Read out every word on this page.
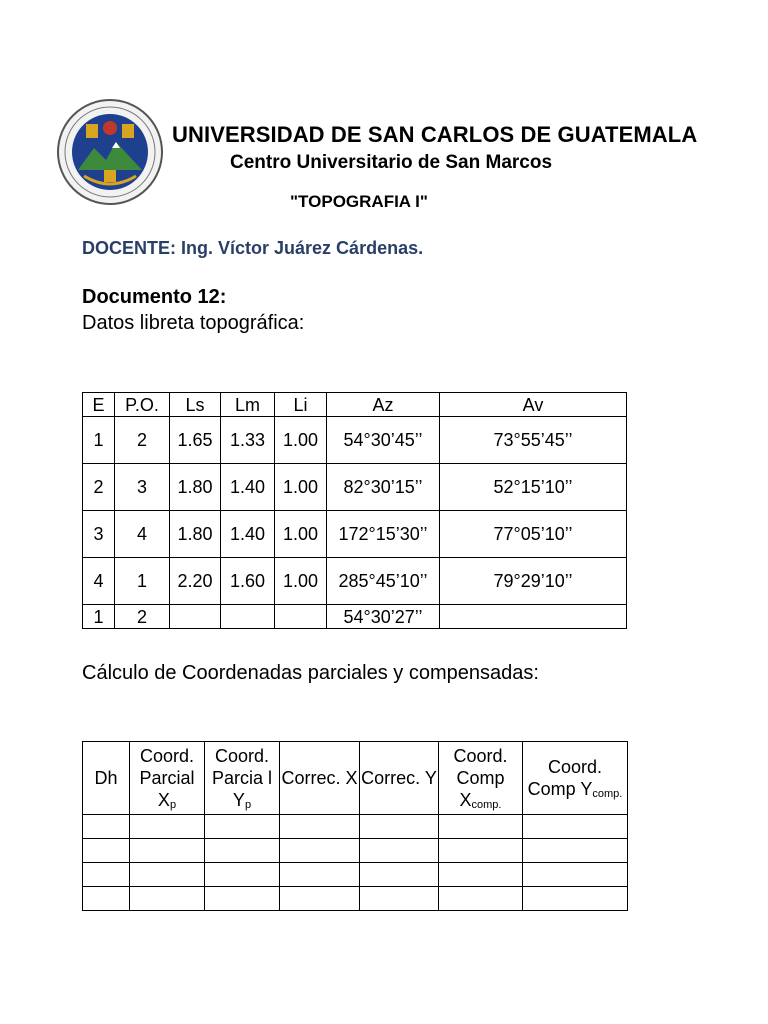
UNIVERSIDAD DE SAN CARLOS DE GUATEMALA
Centro Universitario de San Marcos
"TOPOGRAFIA I"
DOCENTE: Ing. Víctor Juárez Cárdenas.
Documento 12:
Datos libreta topográfica:
E	P.O.	Ls	Lm	Li	Az	Av
1	2	1.65	1.33	1.00	54°30’45’’	73°55’45’’
2	3	1.80	1.40	1.00	82°30’15’’	52°15’10’’
3	4	1.80	1.40	1.00	172°15’30’’	77°05’10’’
4	1	2.20	1.60	1.00	285°45’10’’	79°29’10’’
1	2				54°30’27’’	
Cálculo de Coordenadas parciales y compensadas:
Dh	Coord. Parcial $X_p$	Coord. Parcia l $Y_p$	Correc. X	Correc. Y	Coord. Comp $X_{comp.}$	Coord. Comp $Y_{comp.}$
